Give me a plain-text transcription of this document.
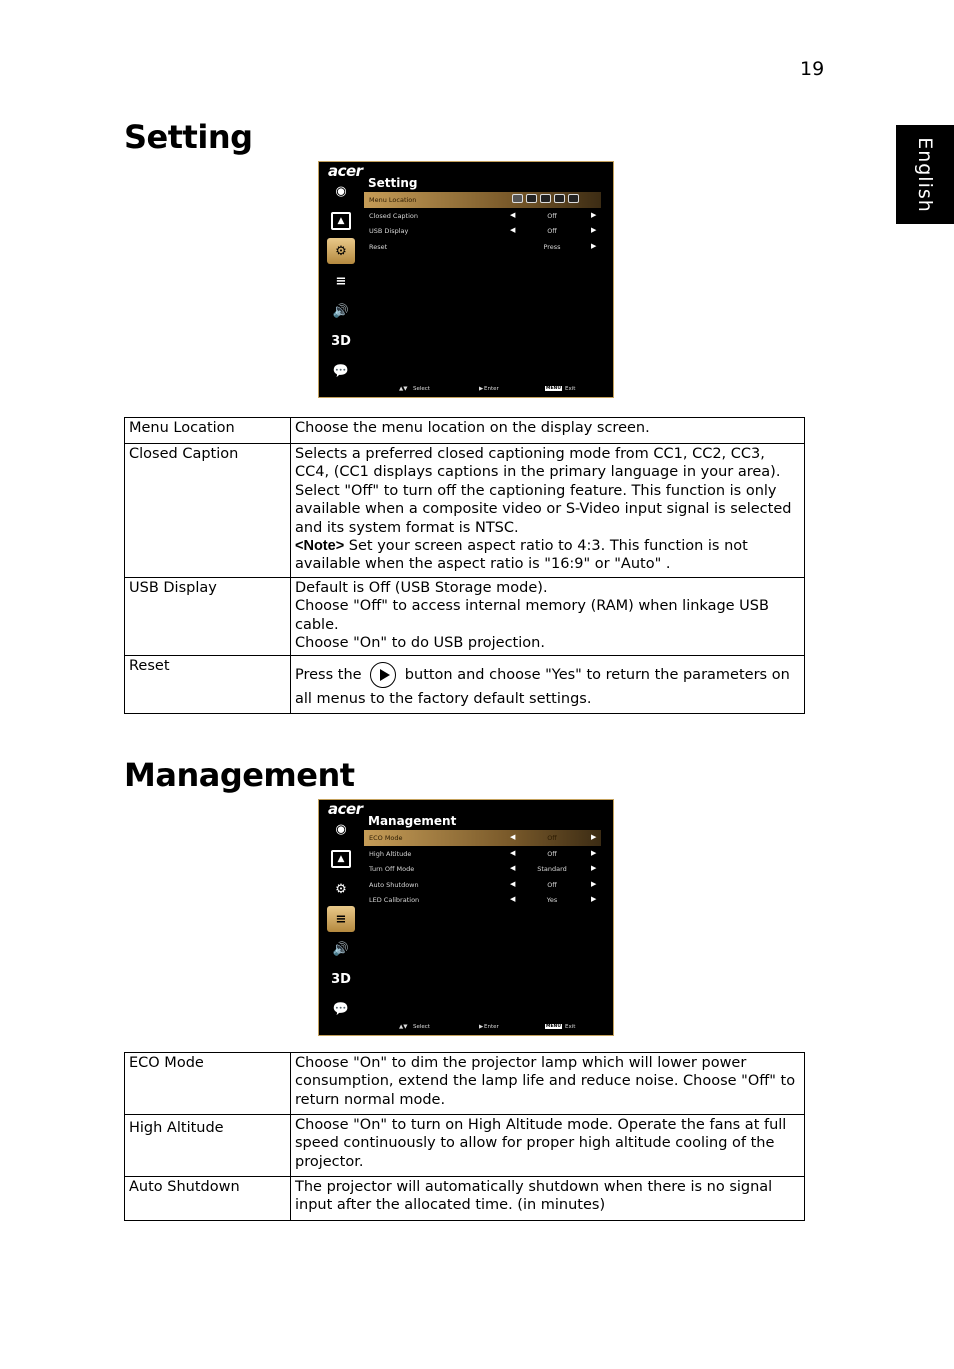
19
English
Setting
acer
◉
▲
⚙
≡
🔊
3D
💬
Setting
Menu Location
Closed Caption	◀	Off	▶
USB Display	◀	Off	▶
Reset	Press	▶
▲▼ Select	▶ Enter	MENU Exit
Menu Location	Choose the menu location on the display screen.
Closed Caption	Selects a preferred closed captioning mode from CC1, CC2, CC3, CC4, (CC1 displays captions in the primary language in your area). Select "Off" to turn off the captioning feature. This function is only available when a composite video or S-Video input signal is selected and its system format is NTSC.
<Note> Set your screen aspect ratio to 4:3. This function is not available when the aspect ratio is "16:9" or "Auto" .

USB Display	Default is Off (USB Storage mode).
Choose "Off" to access internal memory (RAM) when linkage USB cable.
Choose "On" to do USB projection.

Reset	Press the  button and choose "Yes" to return the parameters on all menus to the factory default settings.
Management
acer
◉
▲
⚙
≡
🔊
3D
💬
Management
ECO Mode	◀	Off	▶
High Altitude	◀	Off	▶
Turn Off Mode	◀	Standard	▶
Auto Shutdown	◀	Off	▶
LED Calibration	◀	Yes	▶
▲▼ Select	▶ Enter	MENU Exit
ECO Mode	Choose "On" to dim the projector lamp which will lower power consumption, extend the lamp life and reduce noise. Choose "Off" to return normal mode.
High Altitude	Choose "On" to turn on High Altitude mode. Operate the fans at full speed continuously to allow for proper high altitude cooling of the projector.
Auto Shutdown	The projector will automatically shutdown when there is no signal input after the allocated time. (in minutes)
